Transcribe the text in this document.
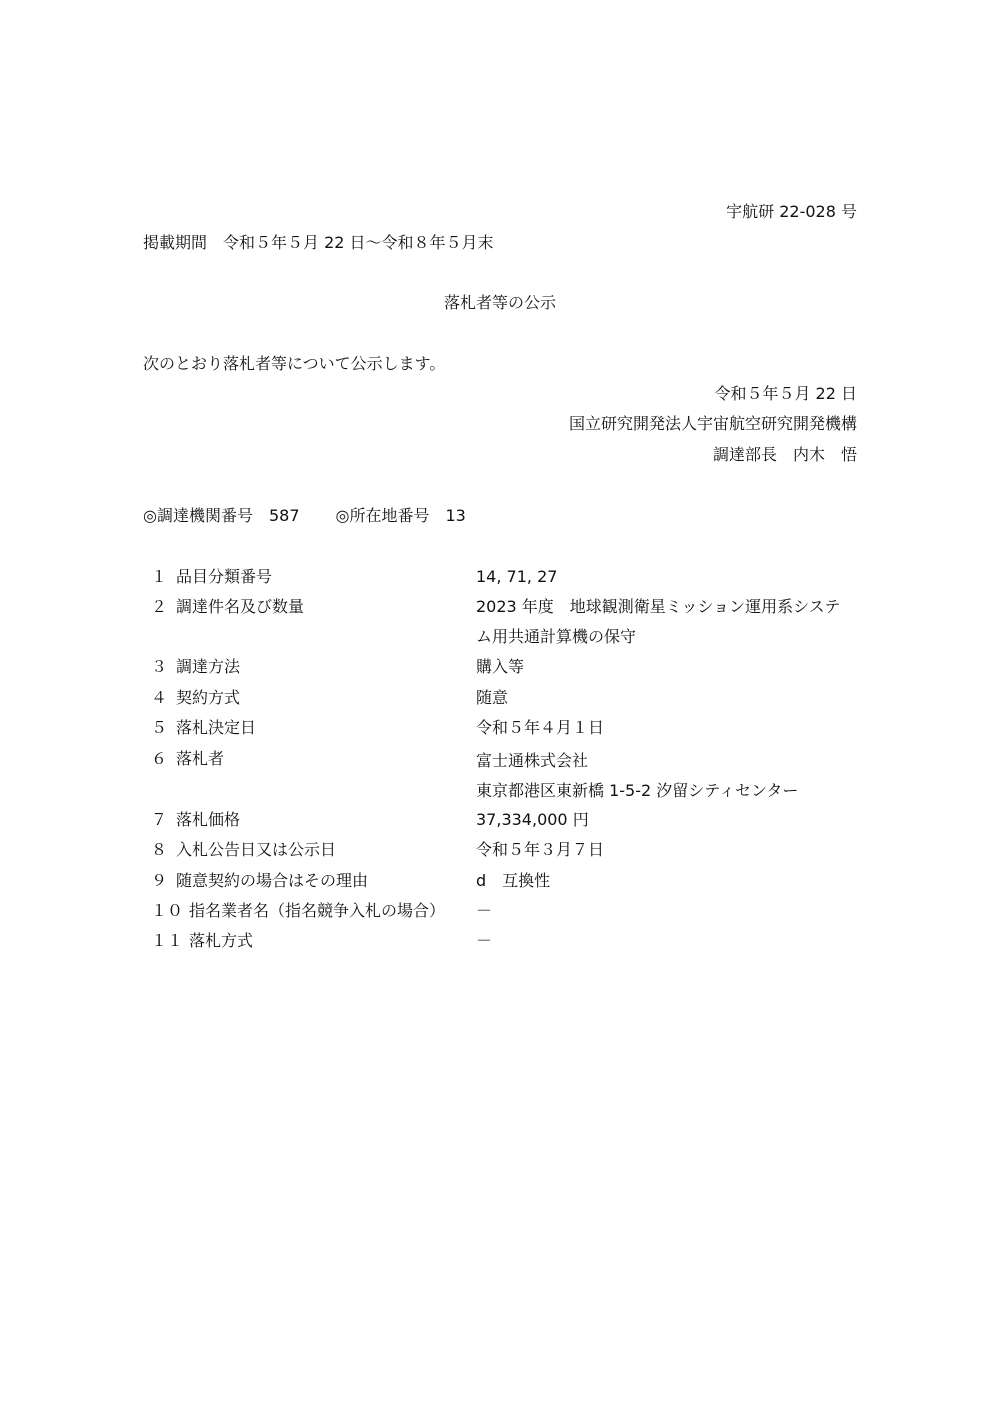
宇航研 22-028 号
掲載期間　令和５年５月 22 日～令和８年５月末
落札者等の公示
次のとおり落札者等について公示します。
令和５年５月 22 日
国立研究開発法人宇宙航空研究開発機構
調達部長　内木　悟
◎調達機関番号　587 ◎所在地番号　13
１ 品目分類番号	14, 71, 27
２ 調達件名及び数量	2023 年度　地球観測衛星ミッション運用系システ
ム用共通計算機の保守
３ 調達方法	購入等
４ 契約方式	随意
５ 落札決定日	令和５年４月１日
６ 落札者	富士通株式会社
東京都港区東新橋 1-5-2 汐留シティセンター
７ 落札価格	37,334,000 円
８ 入札公告日又は公示日	令和５年３月７日
９ 随意契約の場合はその理由	d　互換性
１０ 指名業者名（指名競争入札の場合） －
１１ 落札方式	－
